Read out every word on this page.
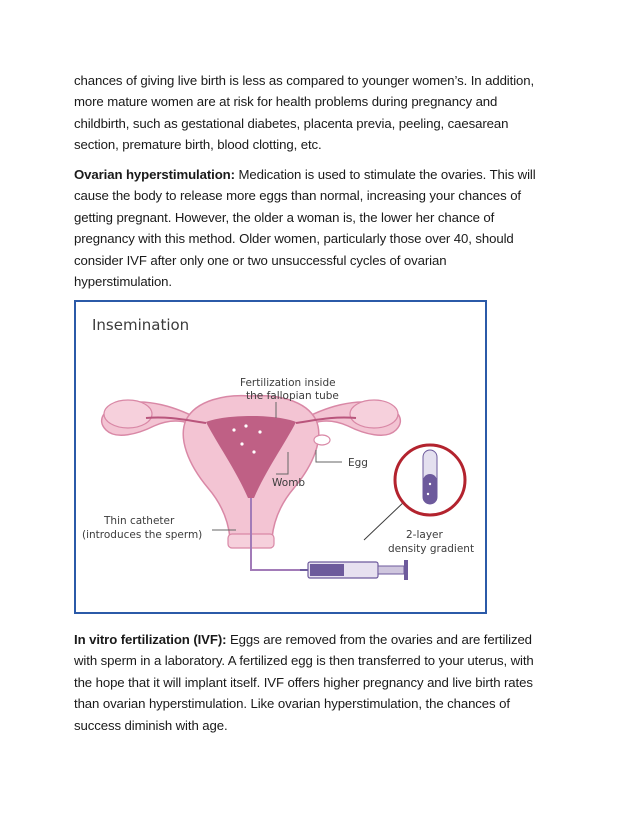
chances of giving live birth is less as compared to younger women’s. In addition,
more mature women are at risk for health problems during pregnancy and
childbirth, such as gestational diabetes, placenta previa, peeling, caesarean
section, premature birth, blood clotting, etc.
Ovarian hyperstimulation: Medication is used to stimulate the ovaries. This will
cause the body to release more eggs than normal, increasing your chances of
getting pregnant. However, the older a woman is, the lower her chance of
pregnancy with this method. Older women, particularly those over 40, should
consider IVF after only one or two unsuccessful cycles of ovarian
hyperstimulation.
Insemination
Fertilization inside
the fallopian tube
Egg
Womb
Thin catheter
(introduces the sperm)	2-layer
density gradient
In vitro fertilization (IVF): Eggs are removed from the ovaries and are fertilized
with sperm in a laboratory. A fertilized egg is then transferred to your uterus, with
the hope that it will implant itself. IVF offers higher pregnancy and live birth rates
than ovarian hyperstimulation. Like ovarian hyperstimulation, the chances of
success diminish with age.
